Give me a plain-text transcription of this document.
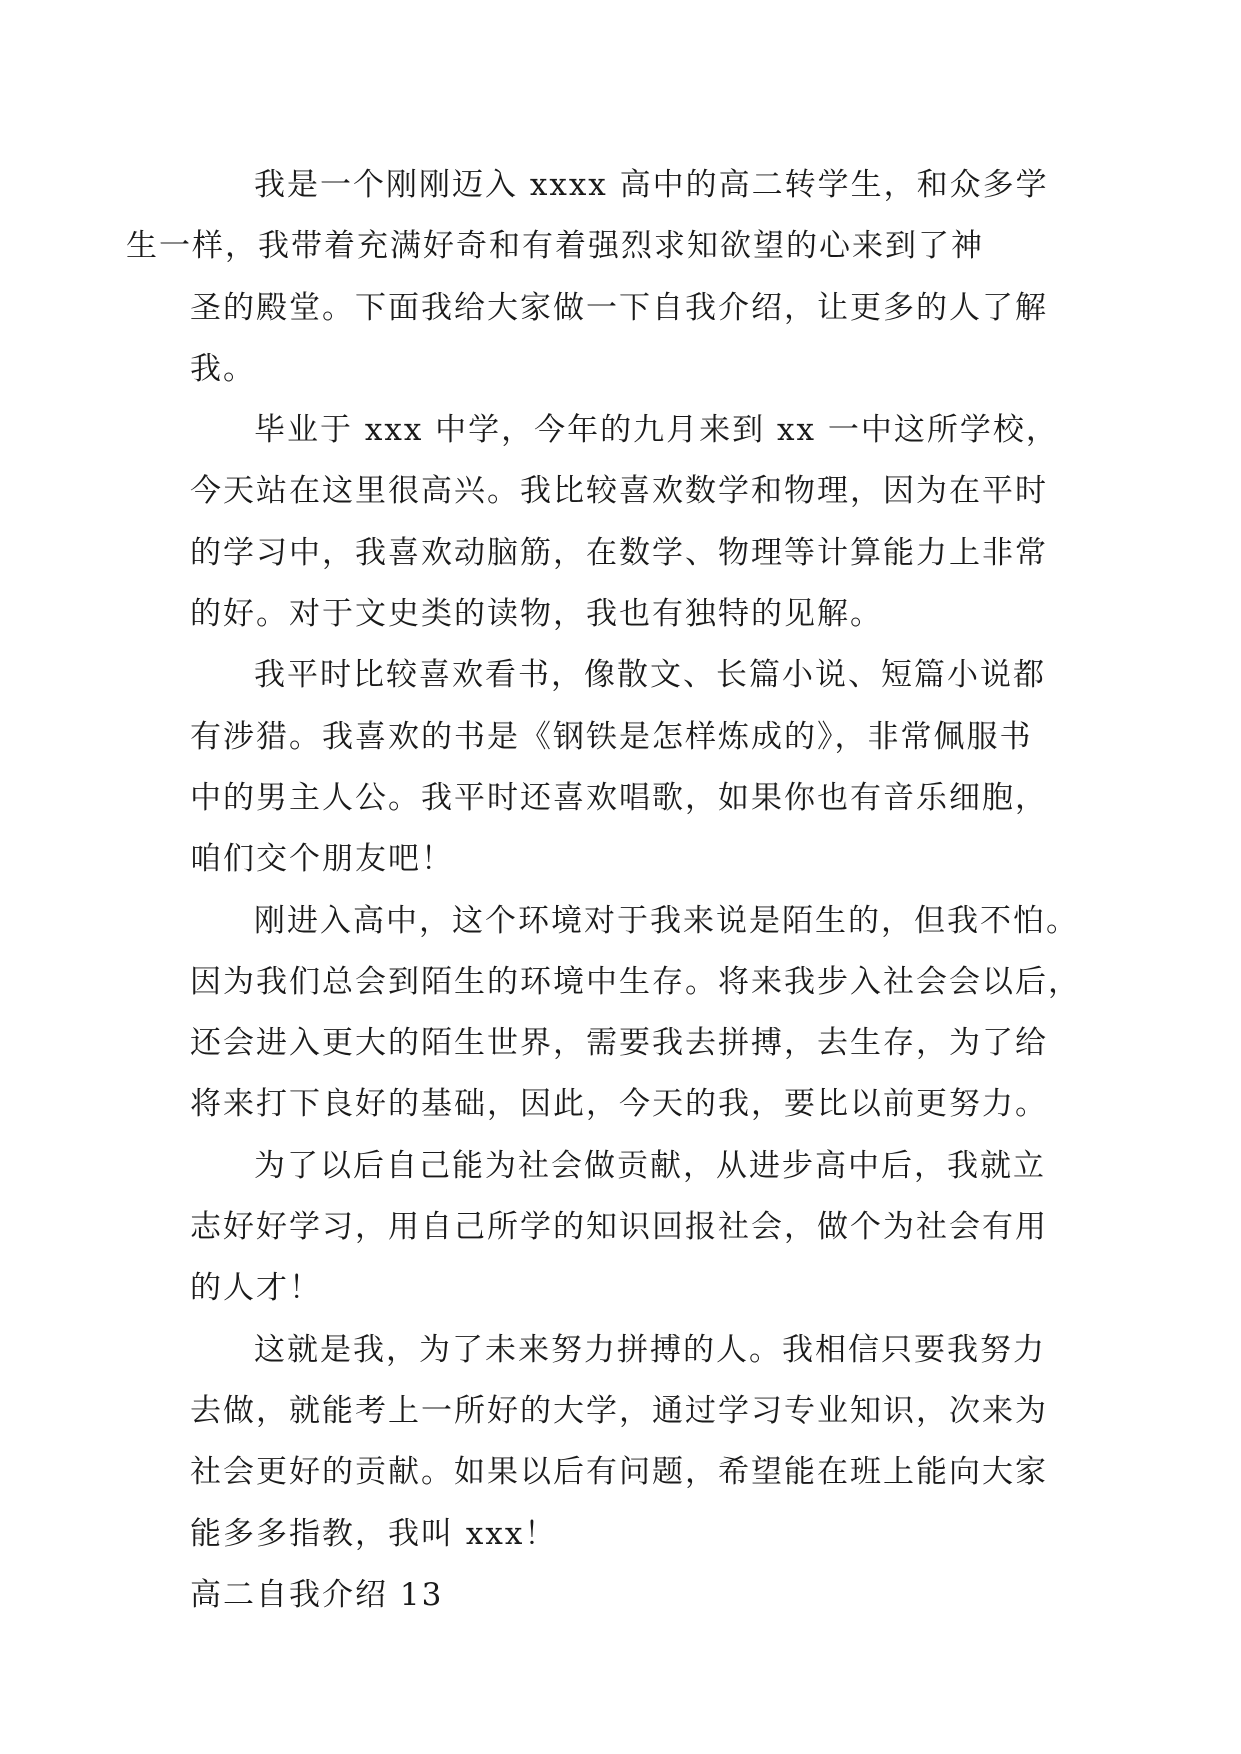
我是一个刚刚迈入 xxxx 高中的高二转学生，和众多学
生一样，我带着充满好奇和有着强烈求知欲望的心来到了神
圣的殿堂。下面我给大家做一下自我介绍，让更多的人了解
我。

毕业于 xxx 中学，今年的九月来到 xx 一中这所学校，
今天站在这里很高兴。我比较喜欢数学和物理，因为在平时
的学习中，我喜欢动脑筋，在数学、物理等计算能力上非常
的好。对于文史类的读物，我也有独特的见解。

我平时比较喜欢看书，像散文、长篇小说、短篇小说都
有涉猎。我喜欢的书是《钢铁是怎样炼成的》，非常佩服书
中的男主人公。我平时还喜欢唱歌，如果你也有音乐细胞，
咱们交个朋友吧！

刚进入高中，这个环境对于我来说是陌生的，但我不怕。
因为我们总会到陌生的环境中生存。将来我步入社会会以后，
还会进入更大的陌生世界，需要我去拼搏，去生存，为了给
将来打下良好的基础，因此，今天的我，要比以前更努力。

为了以后自己能为社会做贡献，从进步高中后，我就立
志好好学习，用自己所学的知识回报社会，做个为社会有用
的人才！

这就是我，为了未来努力拼搏的人。我相信只要我努力
去做，就能考上一所好的大学，通过学习专业知识，次来为
社会更好的贡献。如果以后有问题，希望能在班上能向大家
能多多指教，我叫 xxx！

高二自我介绍 13
